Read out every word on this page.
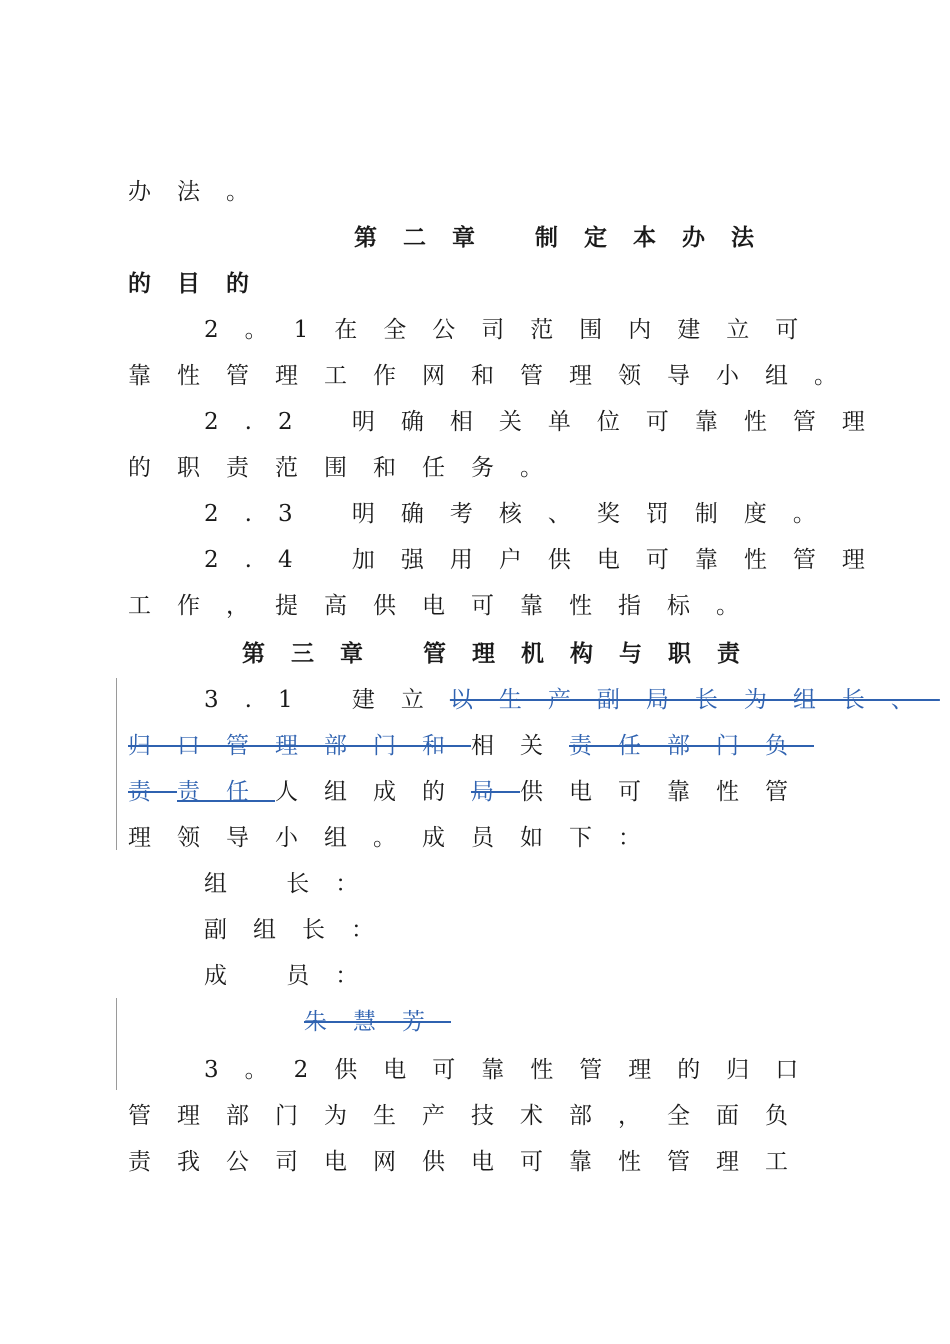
办法。
第二章 制定本办法
的目的
2。1在全公司范围内建立可
靠性管理工作网和管理领导小组。
2.2 明确相关单位可靠性管理
的职责范围和任务。
2.3 明确考核、奖罚制度。
2.4 加强用户供电可靠性管理
工作，提高供电可靠性指标。
第三章 管理机构与职责
3.1 建立以生产副局长为组长、
归口管理部门和相关责任部门负
责责任人组成的局供电可靠性管
理领导小组。成员如下：
组 长：
副组长：
成 员：
朱慧芳
3。2供电可靠性管理的归口
管理部门为生产技术部，全面负
责我公司电网供电可靠性管理工
